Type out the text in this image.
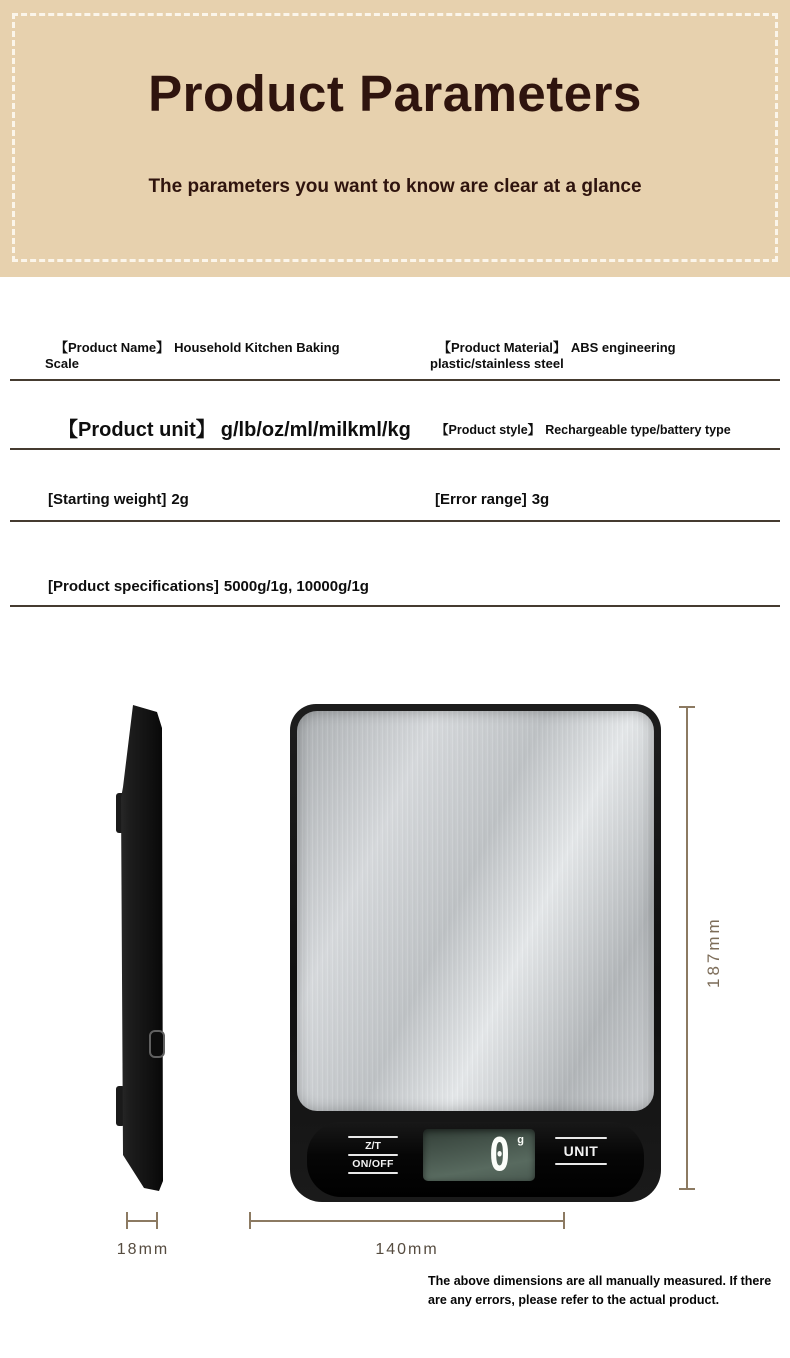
Product Parameters

The parameters you want to know are clear at a glance

【Product Name】 Household Kitchen Baking Scale
【Product Material】 ABS engineering plastic/stainless steel
【Product unit】 g/lb/oz/ml/milkml/kg 【Product style】 Rechargeable type/battery type
[Starting weight] 2g	[Error range] 3g
[Product specifications] 5000g/1g, 10000g/1g
Z/T
ON/OFF 0 g
UNIT
187mm
18mm	140mm
The above dimensions are all manually measured. If there are any errors, please refer to the actual product.
